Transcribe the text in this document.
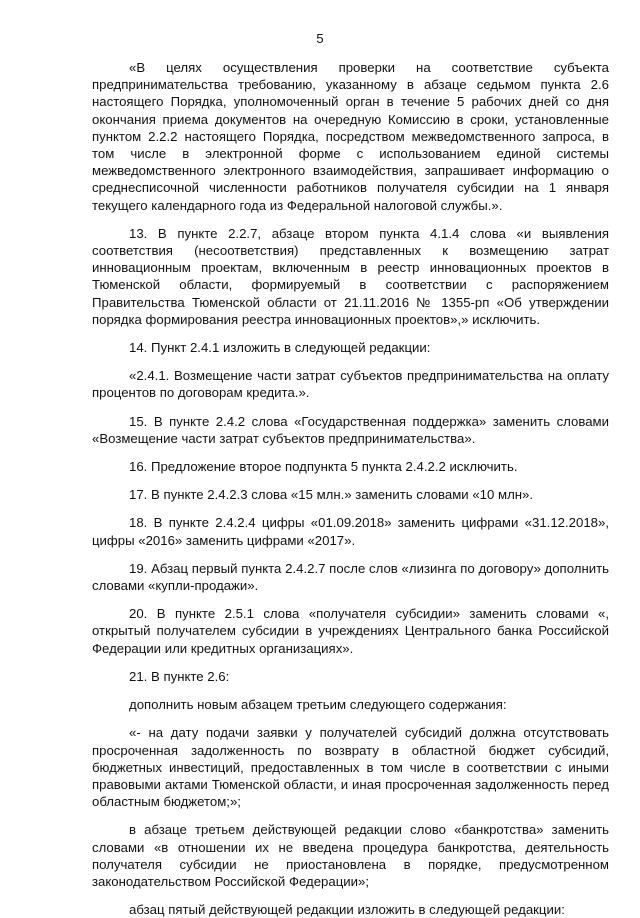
5

«В целях осуществления проверки на соответствие субъекта предпринимательства требованию, указанному в абзаце седьмом пункта 2.6 настоящего Порядка, уполномоченный орган в течение 5 рабочих дней со дня окончания приема документов на очередную Комиссию в сроки, установленные пунктом 2.2.2 настоящего Порядка, посредством межведомственного запроса, в том числе в электронной форме с использованием единой системы межведомственного электронного взаимодействия, запрашивает информацию о среднесписочной численности работников получателя субсидии на 1 января текущего календарного года из Федеральной налоговой службы.».

13. В пункте 2.2.7, абзаце втором пункта 4.1.4 слова «и выявления соответствия (несоответствия) представленных к возмещению затрат инновационным проектам, включенным в реестр инновационных проектов в Тюменской области, формируемый в соответствии с распоряжением Правительства Тюменской области от 21.11.2016 № 1355-рп «Об утверждении порядка формирования реестра инновационных проектов»,» исключить.

14. Пункт 2.4.1 изложить в следующей редакции:

«2.4.1. Возмещение части затрат субъектов предпринимательства на оплату процентов по договорам кредита.».

15. В пункте 2.4.2 слова «Государственная поддержка» заменить словами «Возмещение части затрат субъектов предпринимательства».

16. Предложение второе подпункта 5 пункта 2.4.2.2 исключить.

17. В пункте 2.4.2.3 слова «15 млн.» заменить словами «10 млн».

18. В пункте 2.4.2.4 цифры «01.09.2018» заменить цифрами «31.12.2018», цифры «2016» заменить цифрами «2017».

19. Абзац первый пункта 2.4.2.7 после слов «лизинга по договору» дополнить словами «купли-продажи».

20. В пункте 2.5.1 слова «получателя субсидии» заменить словами «, открытый получателем субсидии в учреждениях Центрального банка Российской Федерации или кредитных организациях».

21. В пункте 2.6:

дополнить новым абзацем третьим следующего содержания:

«- на дату подачи заявки у получателей субсидий должна отсутствовать просроченная задолженность по возврату в областной бюджет субсидий, бюджетных инвестиций, предоставленных в том числе в соответствии с иными правовыми актами Тюменской области, и иная просроченная задолженность перед областным бюджетом;»;

в абзаце третьем действующей редакции слово «банкротства» заменить словами «в отношении их не введена процедура банкротства, деятельность получателя субсидии не приостановлена в порядке, предусмотренном законодательством Российской Федерации»;

абзац пятый действующей редакции изложить в следующей редакции:
